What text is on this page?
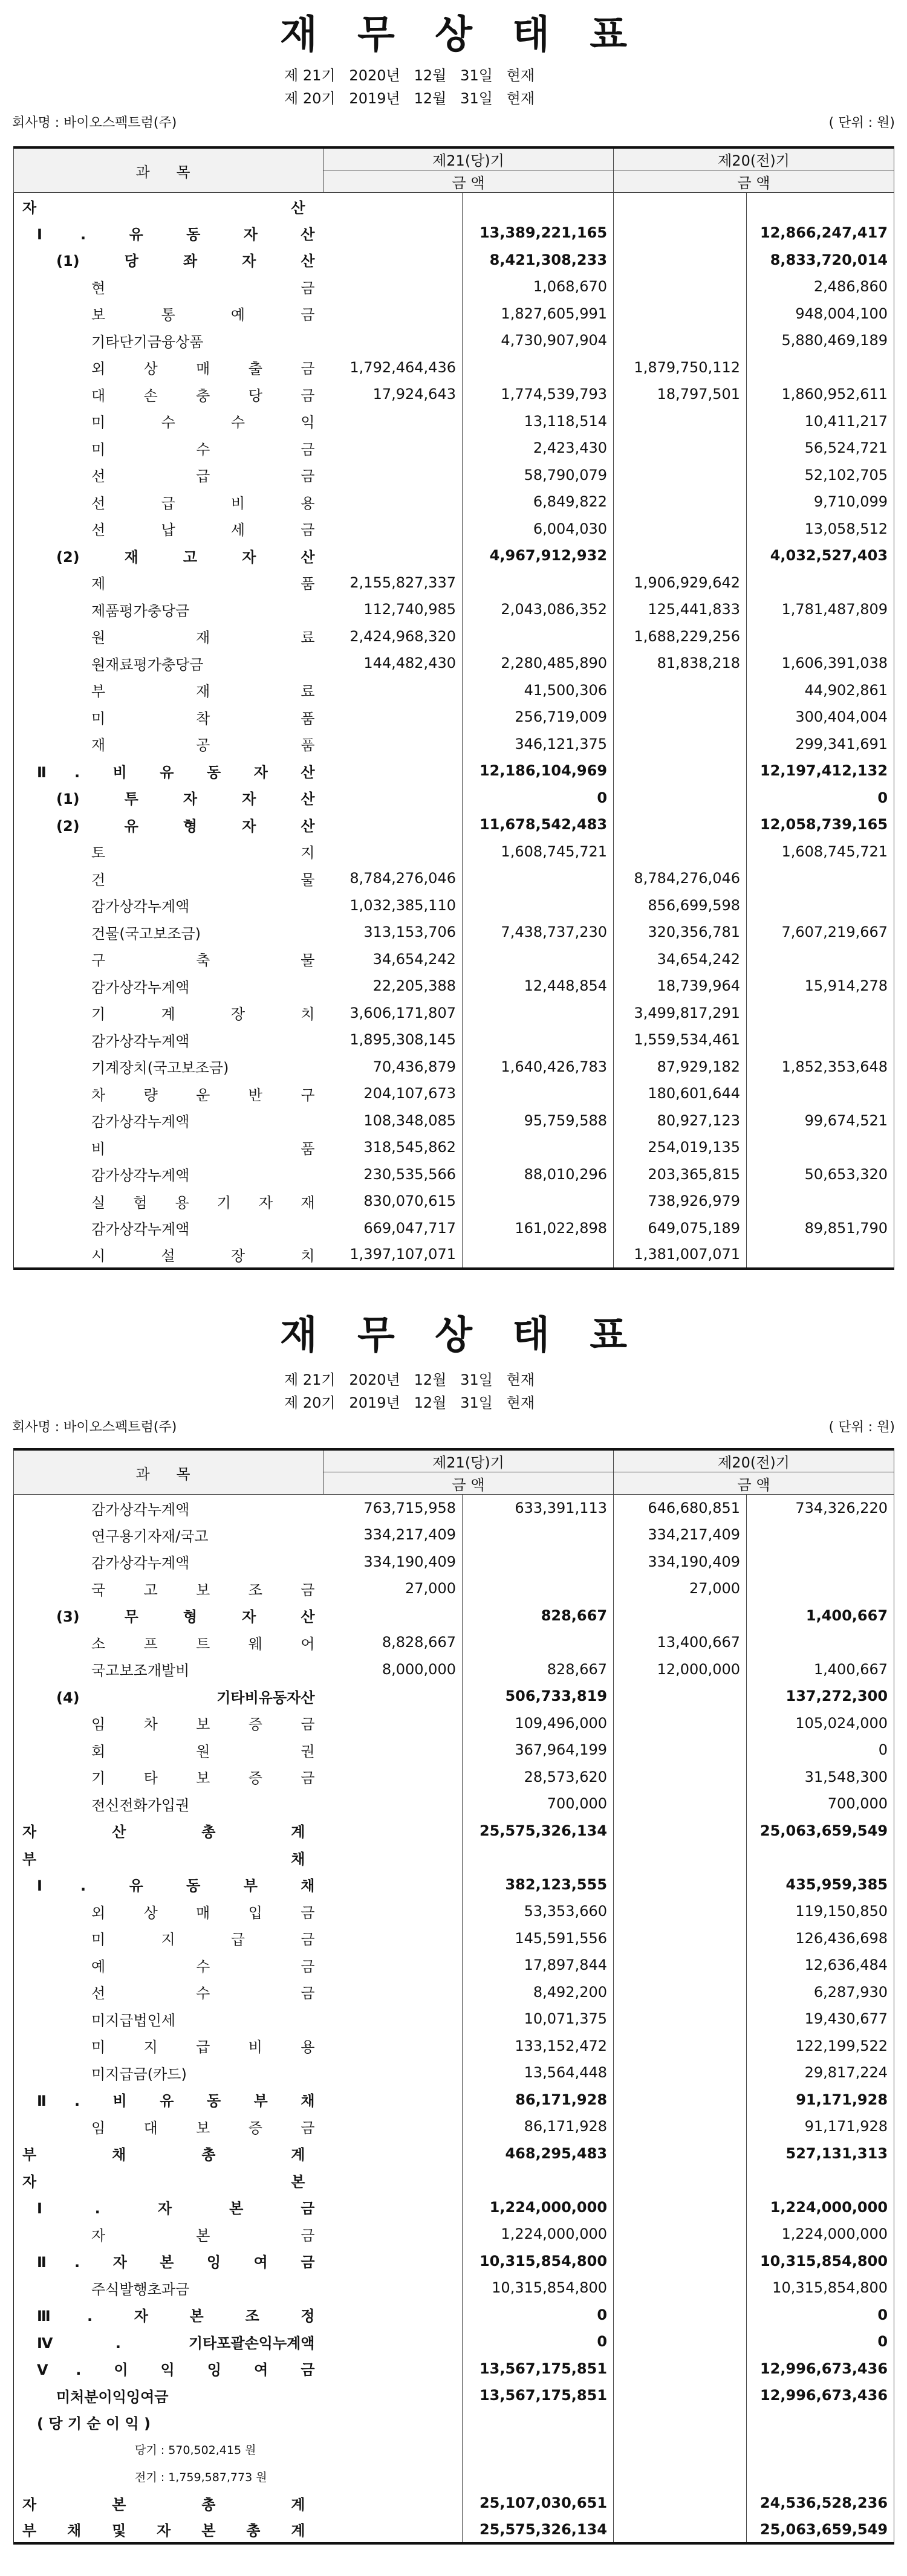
재 무 상 태 표
제 21기   2020년   12월   31일   현재
제 20기   2019년   12월   31일   현재
회사명 : 바이오스펙트럼(주)	( 단위 : 원)
과 목	제21(당)기		제20(전)기	
	금 액		금 액	

자 산				

Ⅰ. 유 동 자 산		13,389,221,165		12,866,247,417

(1) 당 좌 자 산		8,421,308,233		8,833,720,014

현 금		1,068,670		2,486,860

보 통 예 금		1,827,605,991		948,004,100

기타단기금융상품		4,730,907,904		5,880,469,189

외 상 매 출 금	1,792,464,436		1,879,750,112	

대 손 충 당 금	17,924,643	1,774,539,793	18,797,501	1,860,952,611

미 수 수 익		13,118,514		10,411,217

미 수 금		2,423,430		56,524,721

선 급 금		58,790,079		52,102,705

선 급 비 용		6,849,822		9,710,099

선 납 세 금		6,004,030		13,058,512

(2) 재 고 자 산		4,967,912,932		4,032,527,403

제 품	2,155,827,337		1,906,929,642	

제품평가충당금	112,740,985	2,043,086,352	125,441,833	1,781,487,809

원 재 료	2,424,968,320		1,688,229,256	

원재료평가충당금	144,482,430	2,280,485,890	81,838,218	1,606,391,038

부 재 료		41,500,306		44,902,861

미 착 품		256,719,009		300,404,004

재 공 품		346,121,375		299,341,691

Ⅱ. 비 유 동 자 산		12,186,104,969		12,197,412,132

(1) 투 자 자 산		0		0

(2) 유 형 자 산		11,678,542,483		12,058,739,165

토 지		1,608,745,721		1,608,745,721

건 물	8,784,276,046		8,784,276,046	

감가상각누계액	1,032,385,110		856,699,598	

건물(국고보조금)	313,153,706	7,438,737,230	320,356,781	7,607,219,667

구 축 물	34,654,242		34,654,242	

감가상각누계액	22,205,388	12,448,854	18,739,964	15,914,278

기 계 장 치	3,606,171,807		3,499,817,291	

감가상각누계액	1,895,308,145		1,559,534,461	

기계장치(국고보조금)	70,436,879	1,640,426,783	87,929,182	1,852,353,648

차 량 운 반 구	204,107,673		180,601,644	

감가상각누계액	108,348,085	95,759,588	80,927,123	99,674,521

비 품	318,545,862		254,019,135	

감가상각누계액	230,535,566	88,010,296	203,365,815	50,653,320

실 험 용 기 자 재	830,070,615		738,926,979	

감가상각누계액	669,047,717	161,022,898	649,075,189	89,851,790

시 설 장 치	1,397,107,071		1,381,007,071	
재 무 상 태 표
제 21기   2020년   12월   31일   현재
제 20기   2019년   12월   31일   현재
회사명 : 바이오스펙트럼(주)	( 단위 : 원)
과 목	제21(당)기		제20(전)기	
	금 액		금 액	

감가상각누계액	763,715,958	633,391,113	646,680,851	734,326,220

연구용기자재/국고	334,217,409		334,217,409	

감가상각누계액	334,190,409		334,190,409	

국 고 보 조 금	27,000		27,000	

(3) 무 형 자 산		828,667		1,400,667

소 프 트 웨 어	8,828,667		13,400,667	

국고보조개발비	8,000,000	828,667	12,000,000	1,400,667

(4) 기타비유동자산		506,733,819		137,272,300

임 차 보 증 금		109,496,000		105,024,000

회 원 권		367,964,199		0

기 타 보 증 금		28,573,620		31,548,300

전신전화가입권		700,000		700,000

자 산 총 계		25,575,326,134		25,063,659,549

부 채				

Ⅰ. 유 동 부 채		382,123,555		435,959,385

외 상 매 입 금		53,353,660		119,150,850

미 지 급 금		145,591,556		126,436,698

예 수 금		17,897,844		12,636,484

선 수 금		8,492,200		6,287,930

미지급법인세		10,071,375		19,430,677

미 지 급 비 용		133,152,472		122,199,522

미지급금(카드)		13,564,448		29,817,224

Ⅱ. 비 유 동 부 채		86,171,928		91,171,928

임 대 보 증 금		86,171,928		91,171,928

부 채 총 계		468,295,483		527,131,313

자 본				

Ⅰ. 자 본 금		1,224,000,000		1,224,000,000

자 본 금		1,224,000,000		1,224,000,000

Ⅱ. 자 본 잉 여 금		10,315,854,800		10,315,854,800

주식발행초과금		10,315,854,800		10,315,854,800

Ⅲ. 자 본 조 정		0		0

Ⅳ. 기타포괄손익누계액		0		0

Ⅴ. 이 익 잉 여 금		13,567,175,851		12,996,673,436

미처분이익잉여금		13,567,175,851		12,996,673,436
( 당 기 순 이 익 )				
당기 : 570,502,415 원				
전기 : 1,759,587,773 원				

자 본 총 계		25,107,030,651		24,536,528,236

부 채 및 자 본 총 계		25,575,326,134		25,063,659,549
